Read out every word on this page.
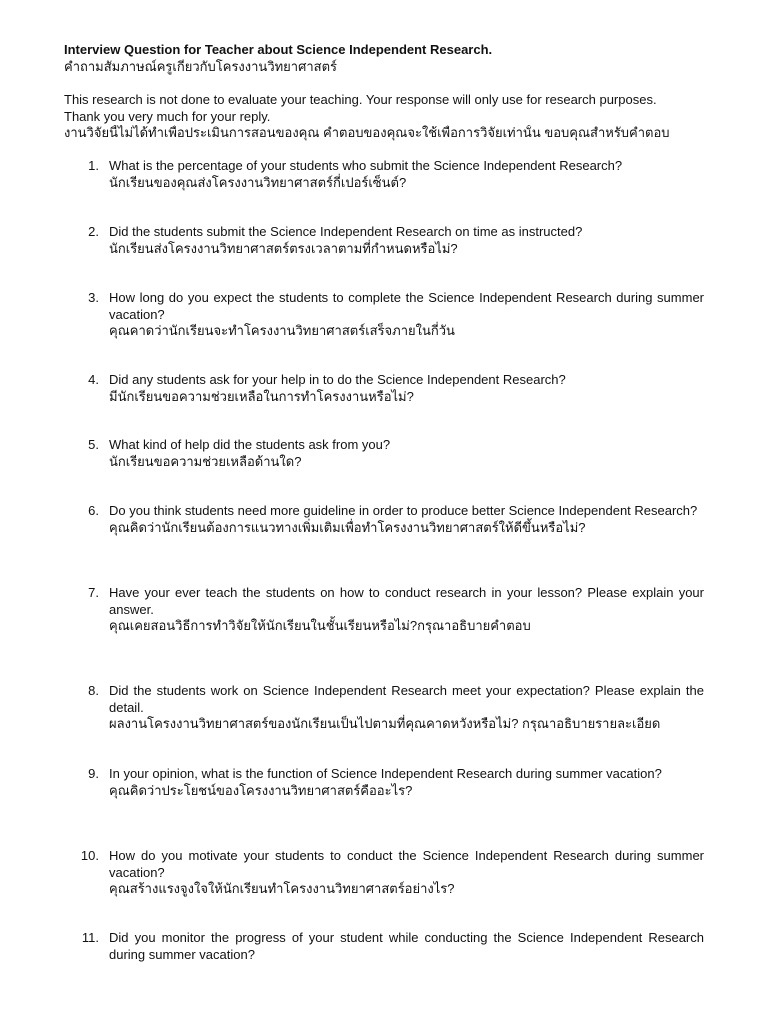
Interview Question for Teacher about Science Independent Research.

คำถามสัมภาษณ์ครูเกี่ยวกับโครงงานวิทยาศาสตร์

This research is not done to evaluate your teaching. Your response will only use for research purposes.

Thank you very much for your reply.

งานวิจัยนี้ไม่ได้ทำเพื่อประเมินการสอนของคุณ คำตอบของคุณจะใช้เพื่อการวิจัยเท่านั้น ขอบคุณสำหรับคำตอบ

1. What is the percentage of your students who submit the Science Independent Research?

นักเรียนของคุณส่งโครงงานวิทยาศาสตร์กี่เปอร์เซ็นต์?

2. Did the students submit the Science Independent Research on time as instructed?

นักเรียนส่งโครงงานวิทยาศาสตร์ตรงเวลาตามที่กำหนดหรือไม่?

3. How long do you expect the students to complete the Science Independent Research during summer vacation?

คุณคาดว่านักเรียนจะทำโครงงานวิทยาศาสตร์เสร็จภายในกี่วัน

4. Did any students ask for your help in to do the Science Independent Research?

มีนักเรียนขอความช่วยเหลือในการทำโครงงานหรือไม่?

5. What kind of help did the students ask from you?

นักเรียนขอความช่วยเหลือด้านใด?

6. Do you think students need more guideline in order to produce better Science Independent Research?

คุณคิดว่านักเรียนต้องการแนวทางเพิ่มเติมเพื่อทำโครงงานวิทยาศาสตร์ให้ดีขึ้นหรือไม่?

7. Have your ever teach the students on how to conduct research in your lesson? Please explain your answer.

คุณเคยสอนวิธีการทำวิจัยให้นักเรียนในชั้นเรียนหรือไม่?กรุณาอธิบายคำตอบ

8. Did the students work on Science Independent Research meet your expectation? Please explain the detail.

ผลงานโครงงานวิทยาศาสตร์ของนักเรียนเป็นไปตามที่คุณคาดหวังหรือไม่? กรุณาอธิบายรายละเอียด

9. In your opinion, what is the function of Science Independent Research during summer vacation?

คุณคิดว่าประโยชน์ของโครงงานวิทยาศาสตร์คืออะไร?

10. How do you motivate your students to conduct the Science Independent Research during summer vacation?

คุณสร้างแรงจูงใจให้นักเรียนทำโครงงานวิทยาศาสตร์อย่างไร?

11. Did you monitor the progress of your student while conducting the Science Independent Research during summer vacation?
